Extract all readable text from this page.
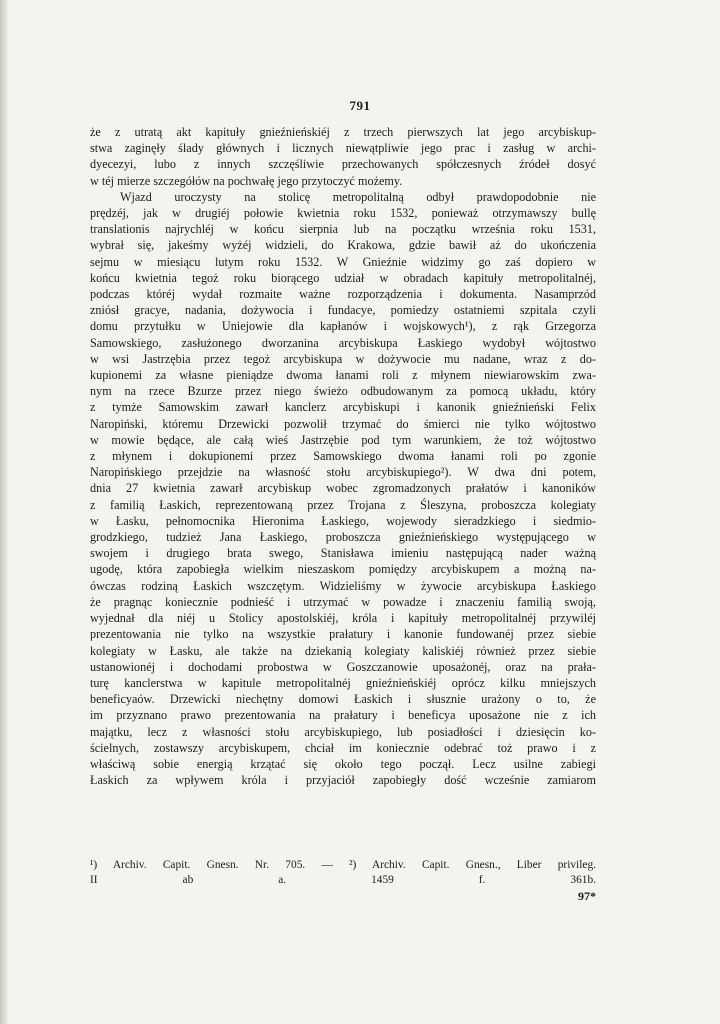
791

że z utratą akt kapituły gnieźnieńskiéj z trzech pierwszych lat jego arcybiskup-
stwa zaginęły ślady głównych i licznych niewątpliwie jego prac i zasług w archi-
dyecezyi, lubo z innych szczęśliwie przechowanych spółczesnych źródeł dosyć
w téj mierze szczegółów na pochwałę jego przytoczyć możemy.

Wjazd uroczysty na stolicę metropolitalną odbył prawdopodobnie nie
prędzéj, jak w drugiéj połowie kwietnia roku 1532, ponieważ otrzymawszy bullę
translationis najrychléj w końcu sierpnia lub na początku września roku 1531,
wybrał się, jakeśmy wyżéj widzieli, do Krakowa, gdzie bawił aż do ukończenia
sejmu w miesiącu lutym roku 1532. W Gnieźnie widzimy go zaś dopiero w
końcu kwietnia tegoż roku biorącego udział w obradach kapituły metropolitalnéj,
podczas któréj wydał rozmaite ważne rozporządzenia i dokumenta. Nasamprzód
zniósł gracye, nadania, dożywocia i fundacye, pomiedzy ostatniemi szpitala czyli
domu przytułku w Uniejowie dla kapłanów i wojskowych¹), z rąk Grzegorza
Samowskiego, zasłużonego dworzanina arcybiskupa Łaskiego wydobył wójtostwo
w wsi Jastrzębia przez tegoż arcybiskupa w dożywocie mu nadane, wraz z do-
kupionemi za własne pieniądze dwoma łanami roli z młynem niewiarowskim zwa-
nym na rzece Bzurze przez niego świeżo odbudowanym za pomocą układu, który
z tymże Samowskim zawarł kanclerz arcybiskupi i kanonik gnieźnieński Felix
Naropiński, któremu Drzewicki pozwolił trzymać do śmierci nie tylko wójtostwo
w mowie będące, ale całą wieś Jastrzębie pod tym warunkiem, że toż wójtostwo
z młynem i dokupionemi przez Samowskiego dwoma łanami roli po zgonie
Naropińskiego przejdzie na własność stołu arcybiskupiego²). W dwa dni potem,
dnia 27 kwietnia zawarł arcybiskup wobec zgromadzonych prałatów i kanoników
z familią Łaskich, reprezentowaną przez Trojana z Śleszyna, proboszcza kolegiaty
w Łasku, pełnomocnika Hieronima Łaskiego, wojewody sieradzkiego i siedmio-
grodzkiego, tudzież Jana Łaskiego, proboszcza gnieźnieńskiego występującego w
swojem i drugiego brata swego, Stanisława imieniu następującą nader ważną
ugodę, która zapobiegła wielkim nieszaskom pomiędzy arcybiskupem a możną na-
ówczas rodziną Łaskich wszczętym. Widzieliśmy w żywocie arcybiskupa Łaskiego
że pragnąc koniecznie podnieść i utrzymać w powadze i znaczeniu familią swoją,
wyjednał dla niéj u Stolicy apostolskiéj, króla i kapituły metropolitalnéj przywiléj
prezentowania nie tylko na wszystkie prałatury i kanonie fundowanéj przez siebie
kolegiaty w Łasku, ale także na dziekanią kolegiaty kaliskiéj również przez siebie
ustanowionéj i dochodami probostwa w Goszczanowie uposażonéj, oraz na prała-
turę kanclerstwa w kapitule metropolitalnéj gnieźnieńskiéj oprócz kilku mniejszych
beneficyaów. Drzewicki niechętny domowi Łaskich i słusznie urażony o to, że
im przyznano prawo prezentowania na prałatury i beneficya uposażone nie z ich
majątku, lecz z własności stołu arcybiskupiego, lub posiadłości i dziesięcin ko-
ścielnych, zostawszy arcybiskupem, chciał im koniecznie odebrać toż prawo i z
właściwą sobie energią krzątać się około tego począł. Lecz usilne zabiegi
Łaskich za wpływem króla i przyjaciół zapobiegły dość wcześnie zamiarom

¹) Archiv. Capit. Gnesn. Nr. 705. — ²) Archiv. Capit. Gnesn., Liber privileg.
II ab a. 1459 f. 361b.
97*
